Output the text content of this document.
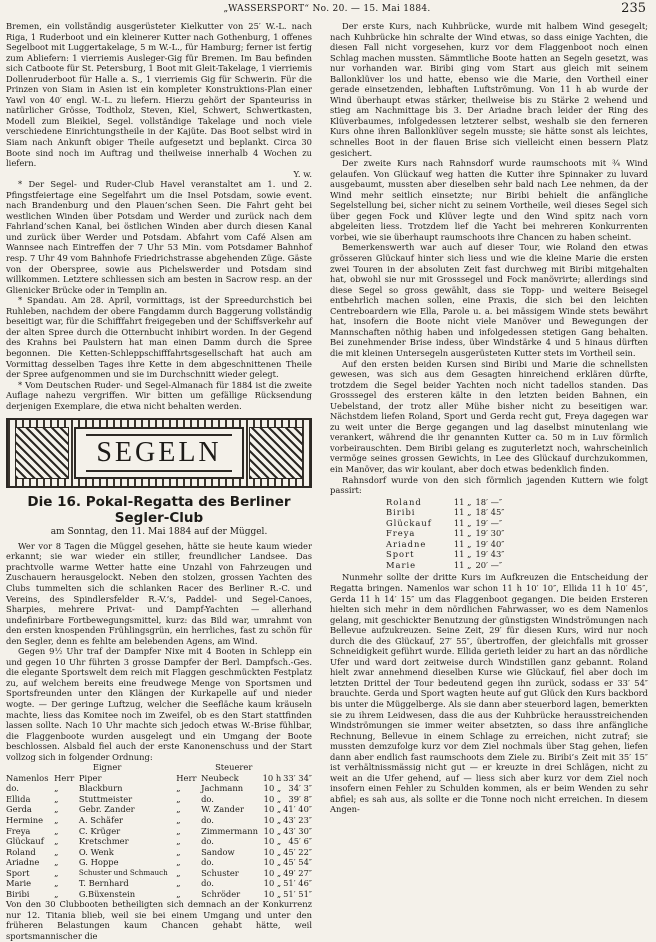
„WASSERSPORT“ No. 20. — 15. Mai 1884.	235

Bremen, ein vollständig ausgerüsteter Kielkutter von 25′ W.-L. nach Riga, 1 Ruderboot und ein kleinerer Kutter nach Gothenburg, 1 offenes Segelboot mit Luggertakelage, 5 m W.-L., für Hamburg; ferner ist fertig zum Abliefern: 1 vierriemis Ausleger-Gig für Bremen. Im Bau befinden sich Catboote für St. Petersburg, 1 Boot mit Gleit-Takelage, 1 vierriemis Dollenruderboot für Halle a. S., 1 vierriemis Gig für Schwerin. Für die Prinzen von Siam in Asien ist ein kompleter Konstruktions-Plan einer Yawl von 40′ engl. W.-L. zu liefern. Hierzu gehört der Spanteuriss in natürlicher Grösse, Todtholz, Steven, Kiel, Schwert, Schwertkasten, Modell zum Bleikiel, Segel. vollständige Takelage und noch viele verschiedene Einrichtungstheile in der Kajüte. Das Boot selbst wird in Siam nach Ankunft obiger Theile aufgesetzt und beplankt. Circa 30 Boote sind noch im Auftrag und theilweise innerhalb 4 Wochen zu liefern.

Y. w.

* Der Segel- und Ruder-Club Havel veranstaltet am 1. und 2. Pfingstfeiertage eine Segelfahrt um die Insel Potsdam, sowie event. nach Brandenburg und den Plauen’schen Seen. Die Fahrt geht bei westlichen Winden über Potsdam und Werder und zurück nach dem Fahrland’schen Kanal, bei östlichen Winden aber durch diesen Kanal und zurück über Werder und Potsdam. Abfahrt vom Café Alsen am Wannsee nach Eintreffen der 7 Uhr 53 Min. vom Potsdamer Bahnhof resp. 7 Uhr 49 vom Bahnhofe Friedrichstrasse abgehenden Züge. Gäste von der Oberspree, sowie aus Pichelswerder und Potsdam sind willkommen. Letztere schliessen sich am besten in Sacrow resp. an der Glienicker Brücke oder in Templin an.

* Spandau. Am 28. April, vormittags, ist der Spreedurchstich bei Ruhleben, nachdem der obere Fangdamm durch Baggerung vollständig beseitigt war, für die Schifffahrt freigegeben und der Schiffsverkehr auf der alten Spree durch die Otternbucht inhibirt worden. In der Gegend des Krahns bei Paulstern hat man einen Damm durch die Spree begonnen. Die Ketten-Schleppschifffahrtsgesellschaft hat auch am Vormittag desselben Tages ihre Kette in dem abgeschnittenen Theile der Spree aufgenommen und sie im Durchschnitt wieder gelegt.

* Vom Deutschen Ruder- und Segel-Almanach für 1884 ist die zweite Auflage nahezu vergriffen. Wir bitten um gefällige Rücksendung derjenigen Exemplare, die etwa nicht behalten werden.

SEGELN
Die 16. Pokal-Regatta des Berliner Segler-Club
am Sonntag, den 11. Mai 1884 auf der Müggel.

Wer vor 8 Tagen die Müggel gesehen, hätte sie heute kaum wieder erkannt; sie war wieder ein stiller, freundlicher Landsee. Das prachtvolle warme Wetter hatte eine Unzahl von Fahrzeugen und Zuschauern herausgelockt. Neben den stolzen, grossen Yachten des Clubs tummelten sich die schlanken Racer des Berliner R.-C. und Vereins, des Spindlersfelder R.-V.’s, Paddel- und Segel-Canoes, Sharpies, mehrere Privat- und Dampf-Yachten — allerhand undefinirbare Fortbewegungsmittel, kurz: das Bild war, umrahmt von den ersten knospenden Frühlingsgrün, ein herrliches, fast zu schön für den Segler, denn es fehlte am belebenden Agens, am Wind.

Gegen 9½ Uhr traf der Dampfer Nixe mit 4 Booten in Schlepp ein und gegen 10 Uhr führten 3 grosse Dampfer der Berl. Dampfsch.-Ges. die elegante Sportswelt dem reich mit Flaggen geschmückten Festplatz zu, auf welchem bereits eine freudwege Menge von Sportsmen und Sportsfreunden unter den Klängen der Kurkapelle auf und nieder wogte. — Der geringe Luftzug, welcher die Seefläche kaum kräuseln machte, liess das Komitee noch im Zweifel, ob es den Start stattfinden lassen sollte. Nach 10 Uhr machte sich jedoch etwas W.-Brise fühlbar, die Flaggenboote wurden ausgelegt und ein Umgang der Boote beschlossen. Alsbald fiel auch der erste Kanonenschuss und der Start vollzog sich in folgender Ordnung:

		Eigner		Steuerer		
Namenlos	Herr	Piper	Herr	Neubeck	10 h	33′ 34″
do.	„	Blackburn	„	Jachmann	10 „	34′ 3″
Ellida	„	Stuttmeister	„	do.	10 „	39′ 8″
Gerda	„	Gebr. Zander	„	W. Zander	10 „	41′ 40″
Hermine	„	A. Schäfer	„	do.	10 „	43′ 23″
Freya	„	C. Krüger	„	Zimmermann	10 „	43′ 30″
Glückauf	„	Kretschmer	„	do.	10 „	45′ 6″
Roland	„	O. Wenk	„	Sandow	10 „	45′ 22″
Ariadne	„	G. Hoppe	„	do.	10 „	45′ 54″
Sport	„	Schuster und Schmauch	„	Schuster	10 „	49′ 27″
Marie	„	T. Bernhard	„	do.	10 „	51′ 46″
Biribi	„	G.Büxenstein	„	Schröder	10 „	51′ 51″

Von den 30 Clubbooten betheiligten sich demnach an der Konkurrenz nur 12. Titania blieb, weil sie bei einem Umgang und unter den früheren Belastungen kaum Chancen gehabt hätte, weil sportsmannischer die

Der erste Kurs, nach Kuhbrücke, wurde mit halbem Wind gesegelt; nach Kuhbrücke hin schralte der Wind etwas, so dass einige Yachten, die diesen Fall nicht vorgesehen, kurz vor dem Flaggenboot noch einen Schlag machen mussten. Sämmtliche Boote hatten an Segeln gesetzt, was nur vorhanden war. Biribi ging vom Start aus gleich mit seinem Ballonklüver los und hatte, ebenso wie die Marie, den Vortheil einer gerade einsetzenden, lebhaften Luftströmung. Von 11 h ab wurde der Wind überhaupt etwas stärker, theilweise bis zu Stärke 2 wehend und stieg am Nachmittage bis 3. Der Ariadne brach leider der Ring des Klüverbaumes, infolgedessen letzterer selbst, weshalb sie den ferneren Kurs ohne ihren Ballonklüver segeln musste; sie hätte sonst als leichtes, schnelles Boot in der flauen Brise sich vielleicht einen bessern Platz gesichert.

Der zweite Kurs nach Rahnsdorf wurde raumschoots mit ¾ Wind gelaufen. Von Glückauf weg hatten die Kutter ihre Spinnaker zu luvard ausgebaumt, mussten aber dieselben sehr bald nach Lee nehmen, da der Wind mehr seitlich einsetzte; nur Biribi behielt die anfängliche Segelstellung bei, sicher nicht zu seinem Vortheile, weil dieses Segel sich über gegen Fock und Klüver legte und den Wind spitz nach vorn abgeleiten liess. Trotzdem lief die Yacht bei mehreren Konkurrenten vorbei, wie sie überhaupt raumschoots ihre Chancen zu haben scheint.

Bemerkenswerth war auch auf dieser Tour, wie Roland den etwas grösseren Glückauf hinter sich liess und wie die kleine Marie die ersten zwei Touren in der absoluten Zeit fast durchweg mit Biribi mitgehalten hat, obwohl sie nur mit Grosssegel und Fock manövrirte; allerdings sind diese Segel so gross gewählt, dass sie Topp- und weitere Beisegel entbehrlich machen sollen, eine Praxis, die sich bei den leichten Centreboardern wie Ella, Parole u. a. bei mässigem Winde stets bewährt hat, insofern die Boote nicht viele Manöver und Bewegungen der Mannschaften nöthig haben und infolgedessen stetigen Gang behalten. Bei zunehmender Brise indess, über Windstärke 4 und 5 hinaus dürften die mit kleinen Untersegeln ausgerüsteten Kutter stets im Vortheil sein.

Auf den ersten beiden Kursen sind Biribi und Marie die schnellsten gewesen, was sich aus dem Gesagten hinreichend erklären dürfte, trotzdem die Segel beider Yachten noch nicht tadellos standen. Das Grosssegel des ersteren kälte in den letzten beiden Bahnen, ein Uebelstand, der trotz aller Mühe bisher nicht zu beseitigen war. Nächstdem liefen Roland, Sport und Gerda recht gut, Freya dagegen war zu weit unter die Berge gegangen und lag daselbst minutenlang wie verankert, während die ihr genannten Kutter ca. 50 m in Luv förmlich vorbeirauschten. Dem Biribi gelang es zuguterletzt noch, wahrscheinlich vermöge seines grossen Gewichts, in Lee des Glückauf durchzukommen, ein Manöver, das wir koulant, aber doch etwas bedenklich finden.

Rahnsdorf wurde von den sich förmlich jagenden Kuttern wie folgt passirt:

Roland	11 „	18′ —″
Biribi	11 „	18′ 45″
Glückauf	11 „	19′ —″
Freya	11 „	19′ 30″
Ariadne	11 „	19′ 40″
Sport	11 „	19′ 43″
Marie	11 „	20′ —″

Nunmehr sollte der dritte Kurs im Aufkreuzen die Entscheidung der Regatta bringen. Namenlos war schon 11 h 10′ 10″, Ellida 11 h 10′ 45″, Gerda 11 h 14′ 15″ um das Flaggenboot gegangen. Die beiden Ersteren hielten sich mehr in dem nördlichen Fahrwasser, wo es dem Namenlos gelang, mit geschickter Benutzung der günstigsten Windströmungen nach Bellevue aufzukreuzen. Seine Zeit, 29′ für diesen Kurs, wird nur noch durch die des Glückauf, 27′ 55″, übertroffen, der gleichfalls mit grosser Schneidigkeit geführt wurde. Ellida gerieth leider zu hart an das nördliche Ufer und ward dort zeitweise durch Windstillen ganz gebannt. Roland hielt zwar annehmend dieselben Kurse wie Glückauf, fiel aber doch im letzten Drittel der Tour bedeutend gegen ihn zurück, sodass er 33′ 54″ brauchte. Gerda und Sport wagten heute auf gut Glück den Kurs backbord bis unter die Müggelberge. Als sie dann aber steuerbord lagen, bemerkten sie zu ihrem Leidwesen, dass die aus der Kuhbrücke herausstreichenden Windströmungen sie immer weiter absetzten, so dass ihre anfängliche Rechnung, Bellevue in einem Schlage zu erreichen, nicht zutraf; sie mussten demzufolge kurz vor dem Ziel nochmals über Stag gehen, liefen dann aber endlich fast raumschoots dem Ziele zu. Biribi’s Zeit mit 35′ 15″ ist verhältnissmässig nicht gut — er kreuzte in drei Schlägen, nicht zu weit an die Ufer gehend, auf — liess sich aber kurz vor dem Ziel noch insofern einen Fehler zu Schulden kommen, als er beim Wenden zu sehr abfiel; es sah aus, als sollte er die Tonne noch nicht erreichen. In diesem Angen-
